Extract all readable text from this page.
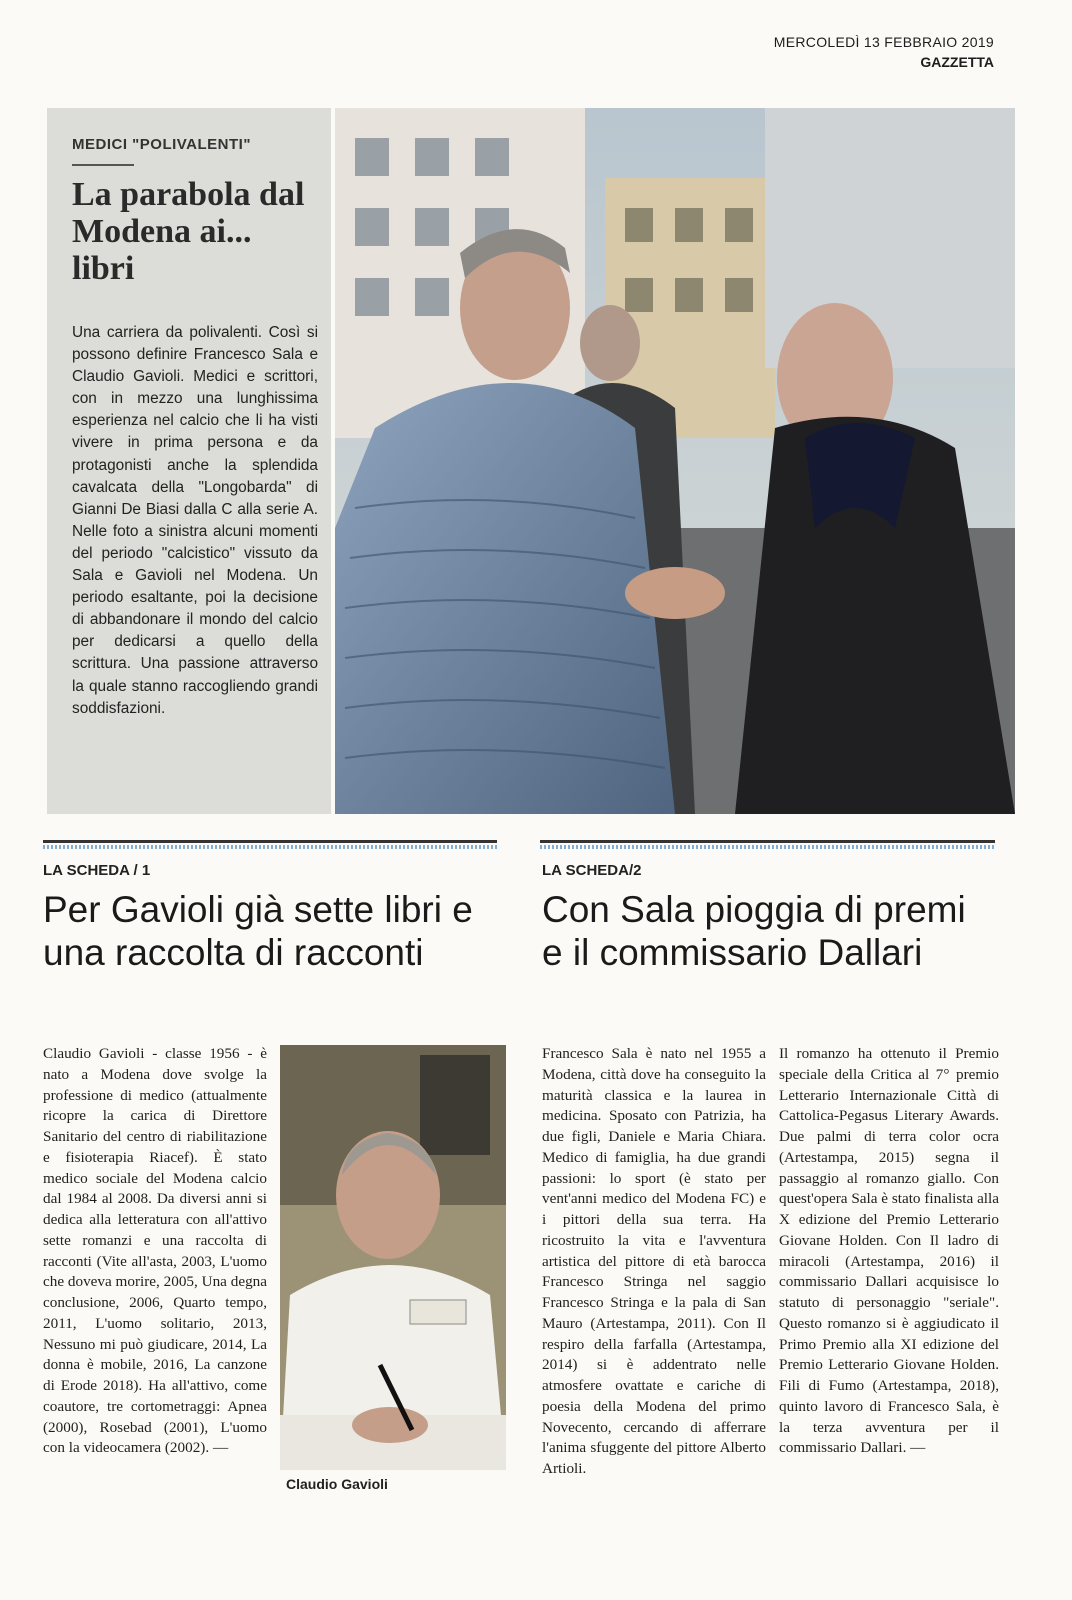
MERCOLEDÌ 13 FEBBRAIO 2019
GAZZETTA
MEDICI "POLIVALENTI"
La parabola dal Modena ai... libri

Una carriera da polivalenti. Così si possono definire Francesco Sala e Claudio Gavioli. Medici e scrittori, con in mezzo una lunghissima esperienza nel calcio che li ha visti vivere in prima persona e da protagonisti anche la splendida cavalcata della "Longobarda" di Gianni De Biasi dalla C alla serie A. Nelle foto a sinistra alcuni momenti del periodo "calcistico" vissuto da Sala e Gavioli nel Modena. Un periodo esaltante, poi la decisione di abbandonare il mondo del calcio per dedicarsi a quello della scrittura. Una passione attraverso la quale stanno raccogliendo grandi soddisfazioni.

LA SCHEDA / 1
Per Gavioli già sette libri e una raccolta di racconti

Claudio Gavioli - classe 1956 - è nato a Modena dove svolge la professione di medico (attualmente ricopre la carica di Direttore Sanitario del centro di riabilitazione e fisioterapia Riacef). È stato medico sociale del Modena calcio dal 1984 al 2008. Da diversi anni si dedica alla letteratura con all'attivo sette romanzi e una raccolta di racconti (Vite all'asta, 2003, L'uomo che doveva morire, 2005, Una degna conclusione, 2006, Quarto tempo, 2011, L'uomo solitario, 2013, Nessuno mi può giudicare, 2014, La donna è mobile, 2016, La canzone di Erode 2018). Ha all'attivo, come coautore, tre cortometraggi: Apnea (2000), Rosebad (2001), L'uomo con la videocamera (2002). —

Claudio Gavioli
LA SCHEDA/2
Con Sala pioggia di premi e il commissario Dallari

Francesco Sala è nato nel 1955 a Modena, città dove ha conseguito la maturità classica e la laurea in medicina. Sposato con Patrizia, ha due figli, Daniele e Maria Chiara. Medico di famiglia, ha due grandi passioni: lo sport (è stato per vent'anni medico del Modena FC) e i pittori della sua terra. Ha ricostruito la vita e l'avventura artistica del pittore di età barocca Francesco Stringa nel saggio Francesco Stringa e la pala di San Mauro (Artestampa, 2011). Con Il respiro della farfalla (Artestampa, 2014) si è addentrato nelle atmosfere ovattate e cariche di poesia della Modena del primo Novecento, cercando di afferrare l'anima sfuggente del pittore Alberto Artioli.

Il romanzo ha ottenuto il Premio speciale della Critica al 7° premio Letterario Internazionale Città di Cattolica-Pegasus Literary Awards. Due palmi di terra color ocra (Artestampa, 2015) segna il passaggio al romanzo giallo. Con quest'opera Sala è stato finalista alla X edizione del Premio Letterario Giovane Holden. Con Il ladro di miracoli (Artestampa, 2016) il commissario Dallari acquisisce lo statuto di personaggio "seriale". Questo romanzo si è aggiudicato il Primo Premio alla XI edizione del Premio Letterario Giovane Holden. Fili di Fumo (Artestampa, 2018), quinto lavoro di Francesco Sala, è la terza avventura per il commissario Dallari. —
